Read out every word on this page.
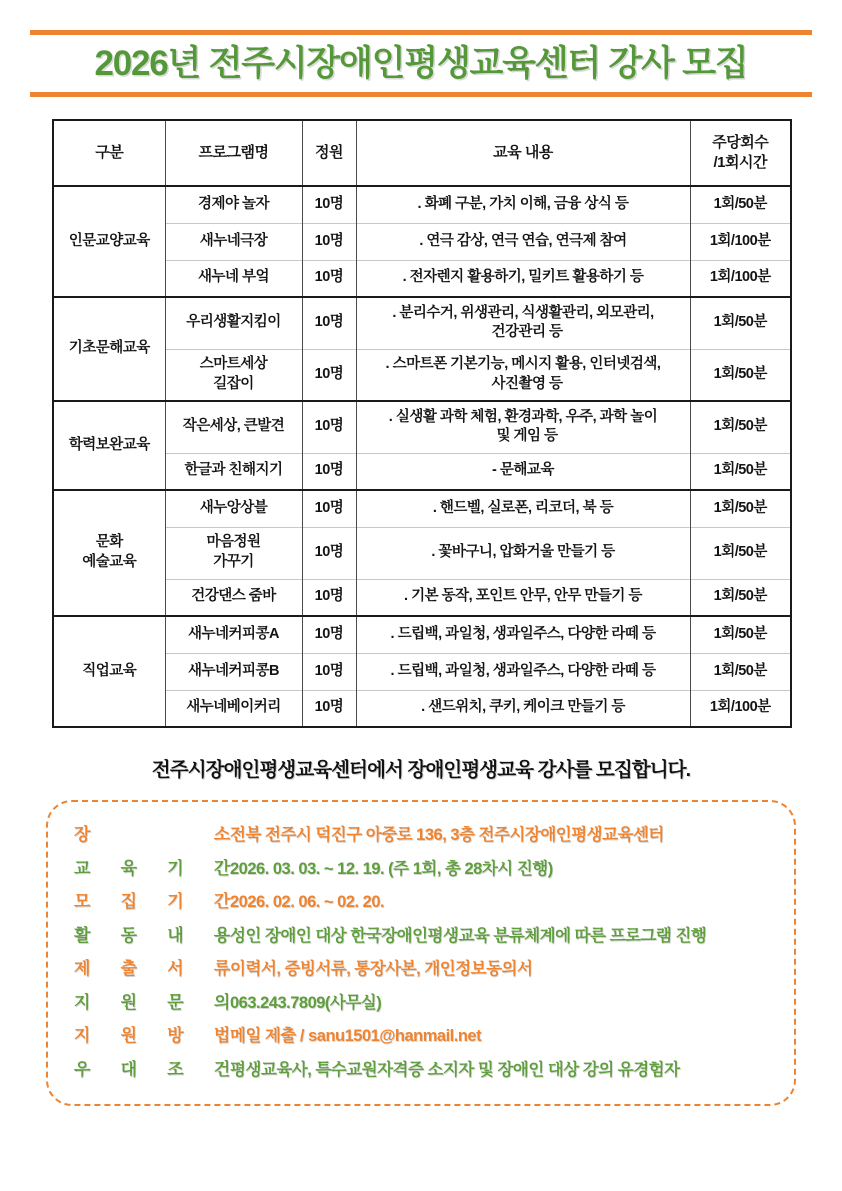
2026년 전주시장애인평생교육센터 강사 모집
구분	프로그램명	정원	교육 내용	주당회수
/1회시간

인문교양교육	경제야 놀자	10명	. 화폐 구분, 가치 이해, 금융 상식 등	1회/50분
	새누네극장	10명	. 연극 감상, 연극 연습, 연극제 참여	1회/100분
	새누네 부엌	10명	. 전자렌지 활용하기, 밀키트 활용하기 등	1회/100분
기초문해교육	우리생활지킴이	10명	. 분리수거, 위생관리, 식생활관리, 외모관리,
건강관리 등	1회/50분

	스마트세상
길잡이	10명	. 스마트폰 기본기능, 메시지 활용, 인터넷검색,
사진촬영 등	1회/50분
학력보완교육	작은세상, 큰발견	10명	. 실생활 과학 체험, 환경과학, 우주, 과학 놀이
및 게임 등	1회/50분
	한글과 친해지기	10명	- 문해교육	1회/50분

문화
예술교육	새누앙상블	10명	. 핸드벨, 실로폰, 리코더, 북 등	1회/50분

	마음정원
가꾸기	10명	. 꽃바구니, 압화거울 만들기 등	1회/50분
	건강댄스 줌바	10명	. 기본 동작, 포인트 안무, 안무 만들기 등	1회/50분
직업교육	새누네커피콩A	10명	. 드립백, 과일청, 생과일주스, 다양한 라떼 등	1회/50분
	새누네커피콩B	10명	. 드립백, 과일청, 생과일주스, 다양한 라떼 등	1회/50분
	새누네베이커리	10명	. 샌드위치, 쿠키, 케이크 만들기 등	1회/100분
전주시장애인평생교육센터에서 장애인평생교육 강사를 모집합니다.
장	소 전북 전주시 덕진구 아중로 136, 3층 전주시장애인평생교육센터
교 육 기 간 2026. 03. 03. ~ 12. 19. (주 1회, 총 28차시 진행)
모 집 기 간 2026. 02. 06. ~ 02. 20.
활 동 내 용 성인 장애인 대상 한국장애인평생교육 분류체계에 따른 프로그램 진행
제 출 서 류 이력서, 증빙서류, 통장사본, 개인정보동의서
지 원 문 의 063.243.7809(사무실)
지 원 방 법 메일 제출 / sanu1501@hanmail.net
우 대 조 건 평생교육사, 특수교원자격증 소지자 및 장애인 대상 강의 유경험자
